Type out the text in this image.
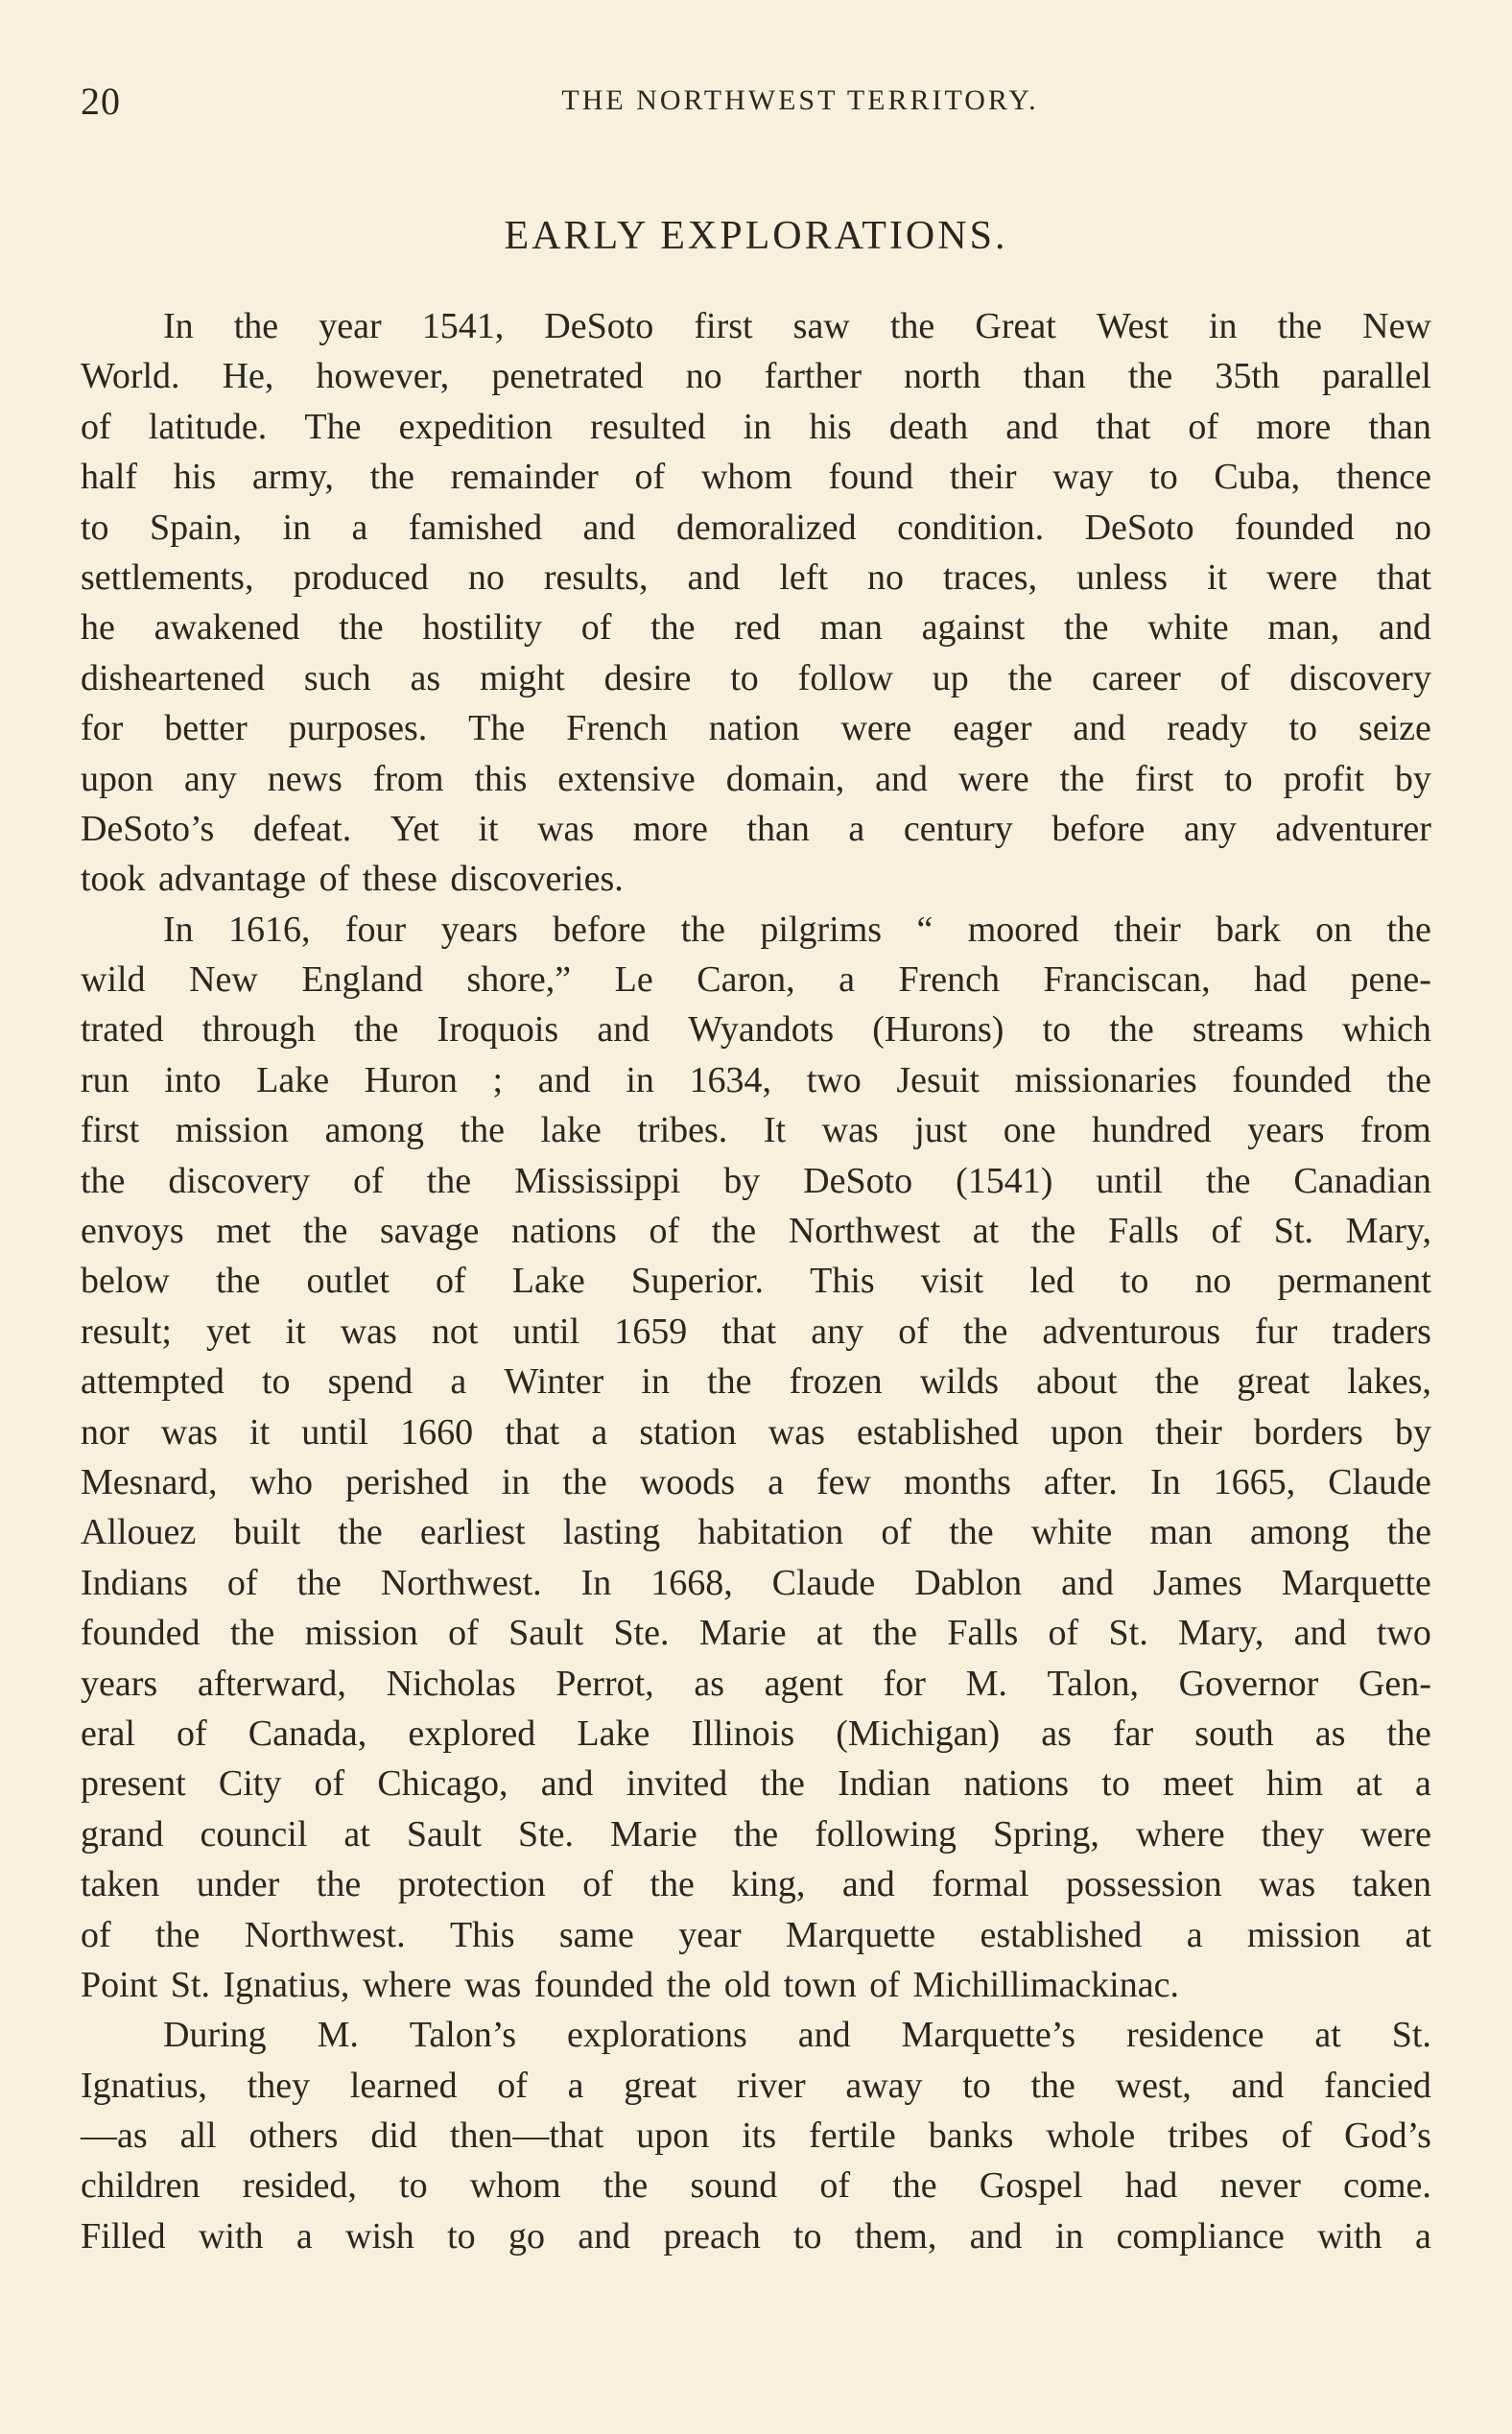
20	THE NORTHWEST TERRITORY.
EARLY EXPLORATIONS.
In the year 1541, DeSoto first saw the Great West in the New
World. He, however, penetrated no farther north than the 35th parallel
of latitude. The expedition resulted in his death and that of more than
half his army, the remainder of whom found their way to Cuba, thence
to Spain, in a famished and demoralized condition. DeSoto founded no
settlements, produced no results, and left no traces, unless it were that
he awakened the hostility of the red man against the white man, and
disheartened such as might desire to follow up the career of discovery
for better purposes. The French nation were eager and ready to seize
upon any news from this extensive domain, and were the first to profit by
DeSoto’s defeat. Yet it was more than a century before any adventurer
took advantage of these discoveries.
In 1616, four years before the pilgrims “ moored their bark on the
wild New England shore,” Le Caron, a French Franciscan, had pene-
trated through the Iroquois and Wyandots (Hurons) to the streams which
run into Lake Huron ; and in 1634, two Jesuit missionaries founded the
first mission among the lake tribes. It was just one hundred years from
the discovery of the Mississippi by DeSoto (1541) until the Canadian
envoys met the savage nations of the Northwest at the Falls of St. Mary,
below the outlet of Lake Superior. This visit led to no permanent
result; yet it was not until 1659 that any of the adventurous fur traders
attempted to spend a Winter in the frozen wilds about the great lakes,
nor was it until 1660 that a station was established upon their borders by
Mesnard, who perished in the woods a few months after. In 1665, Claude
Allouez built the earliest lasting habitation of the white man among the
Indians of the Northwest. In 1668, Claude Dablon and James Marquette
founded the mission of Sault Ste. Marie at the Falls of St. Mary, and two
years afterward, Nicholas Perrot, as agent for M. Talon, Governor Gen-
eral of Canada, explored Lake Illinois (Michigan) as far south as the
present City of Chicago, and invited the Indian nations to meet him at a
grand council at Sault Ste. Marie the following Spring, where they were
taken under the protection of the king, and formal possession was taken
of the Northwest. This same year Marquette established a mission at
Point St. Ignatius, where was founded the old town of Michillimackinac.
During M. Talon’s explorations and Marquette’s residence at St.
Ignatius, they learned of a great river away to the west, and fancied
—as all others did then—that upon its fertile banks whole tribes of God’s
children resided, to whom the sound of the Gospel had never come.
Filled with a wish to go and preach to them, and in compliance with a
